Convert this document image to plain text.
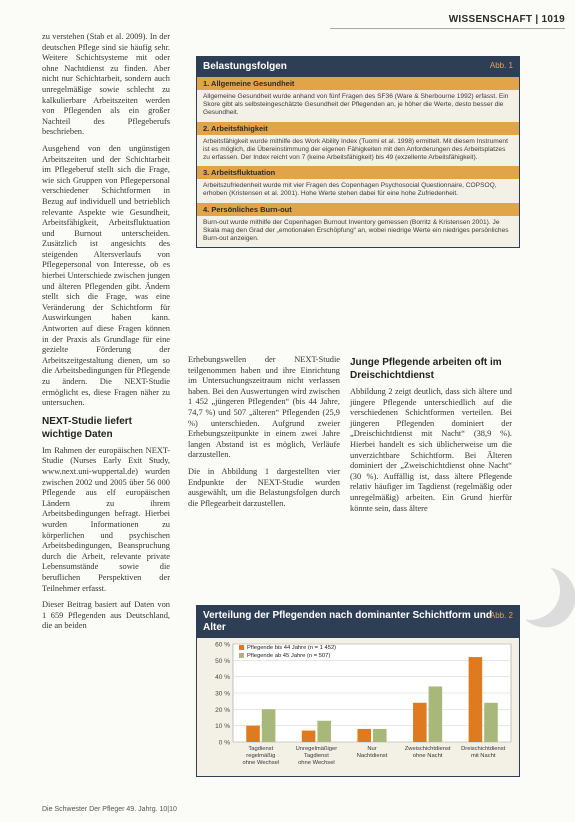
WISSENSCHAFT | 1019

zu verstehen (Stab et al. 2009). In der deutschen Pflege sind sie häufig sehr. Weitere Schichtsysteme mit oder ohne Nachtdienst zu finden. Aber nicht nur Schichtarbeit, sondern auch unregelmäßige sowie schlecht zu kalkulierbare Arbeitszeiten werden von Pflegenden als ein großer Nachteil des Pflegeberufs beschrieben.

Ausgehend von den ungünstigen Arbeitszeiten und der Schichtarbeit im Pflegeberuf stellt sich die Frage, wie sich Gruppen von Pflegepersonal verschiedener Schichtformen in Bezug auf individuell und betrieblich relevante Aspekte wie Gesundheit, Arbeitsfähigkeit, Arbeitsfluktuation und Burnout unterscheiden. Zusätzlich ist angesichts des steigenden Altersverlaufs von Pflegepersonal von Interesse, ob es hierbei Unterschiede zwischen jungen und älteren Pflegenden gibt. Ändern stellt sich die Frage, was eine Veränderung der Schichtform für Auswirkungen haben kann. Antworten auf diese Fragen können in der Praxis als Grundlage für eine gezielte Förderung der Arbeitszeitgestaltung dienen, um so die Arbeitsbedingungen für Pflegende zu ändern. Die NEXT-Studie ermöglicht es, diese Fragen näher zu untersuchen.

NEXT-Studie liefert wichtige Daten

Im Rahmen der europäischen NEXT-Studie (Nurses Early Exit Study, www.next.uni-wuppertal.de) wurden zwischen 2002 und 2005 über 56 000 Pflegende aus elf europäischen Ländern zu ihrem Arbeitsbedingungen befragt. Hierbei wurden Informationen zu körperlichen und psychischen Arbeitsbedingungen, Beanspruchung durch die Arbeit, relevante private Lebensumstände sowie die beruflichen Perspektiven der Teilnehmer erfasst.

Dieser Beitrag basiert auf Daten von 1 659 Pflegenden aus Deutschland, die an beiden

Belastungsfolgen	Abb. 1
1. Allgemeine Gesundheit
Allgemeine Gesundheit wurde anhand von fünf Fragen des SF36 (Ware & Sherbourne 1992) erfasst. Ein Skore gibt als selbsteingeschätzte Gesundheit der Pflegenden an, je höher die Werte, desto besser die Gesundheit.
2. Arbeitsfähigkeit
Arbeitsfähigkeit wurde mithilfe des Work Ability Index (Tuomi et al. 1998) ermittelt. Mit diesem Instrument ist es möglich, die Übereinstimmung der eigenen Fähigkeiten mit den Anforderungen des Arbeitsplatzes zu erfassen. Der Index reicht von 7 (keine Arbeitsfähigkeit) bis 49 (exzellente Arbeitsfähigkeit).
3. Arbeitsfluktuation
Arbeitszufriedenheit wurde mit vier Fragen des Copenhagen Psychosocial Questionnaire, COPSOQ, erhoben (Kristensen et al. 2001). Hohe Werte stehen dabei für eine hohe Zufriedenheit.
4. Persönliches Burn-out
Burn-out wurde mithilfe der Copenhagen Burnout Inventory gemessen (Borritz & Kristensen 2001). Je Skala mag den Grad der „emotionalen Erschöpfung“ an, wobei niedrige Werte ein niedriges persönliches Burn-out anzeigen.

Erhebungswellen der NEXT-Studie teilgenommen haben und ihre Einrichtung im Untersuchungszeitraum nicht verlassen haben. Bei den Auswertungen wird zwischen 1 452 „jüngeren Pflegenden“ (bis 44 Jahre, 74,7 %) und 507 „älteren“ Pflegenden (25,9 %) unterschieden. Aufgrund zweier Erhebungszeitpunkte in einem zwei Jahre langen Abstand ist es möglich, Verläufe darzustellen.

Die in Abbildung 1 dargestellten vier Endpunkte der NEXT-Studie wurden ausgewählt, um die Belastungsfolgen durch die Pflegearbeit darzustellen.

Junge Pflegende arbeiten oft im Dreischichtdienst

Abbildung 2 zeigt deutlich, dass sich ältere und jüngere Pflegende unterschiedlich auf die verschiedenen Schichtformen verteilen. Bei jüngeren Pflegenden dominiert der „Dreischichtdienst mit Nacht“ (38,9 %). Hierbei handelt es sich üblicherweise um die unverzichtbare Schichtform. Bei Älteren dominiert der „Zweischichtdienst ohne Nacht“ (30 %). Auffällig ist, dass ältere Pflegende relativ häufiger im Tagdienst (regelmäßig oder unregelmäßig) arbeiten. Ein Grund hierfür könnte sein, dass ältere

Verteilung der Pflegenden nach dominanter Schichtform und Alter
Abb. 2
0 %
10 %
20 %
30 %
40 %
50 %
60 %
Tagdienst
regelmäßig
ohne Wechsel
Unregelmäßiger
Tagdienst
ohne Wechsel
Nur
Nachtdienst
Zweischichtdienst
ohne Nacht
Dreischichtdienst
mit Nacht
Pflegende bis 44 Jahre (n = 1 452)
Pflegende ab 45 Jahre (n = 507)
Die Schwester Der Pfleger 49. Jahrg. 10|10
